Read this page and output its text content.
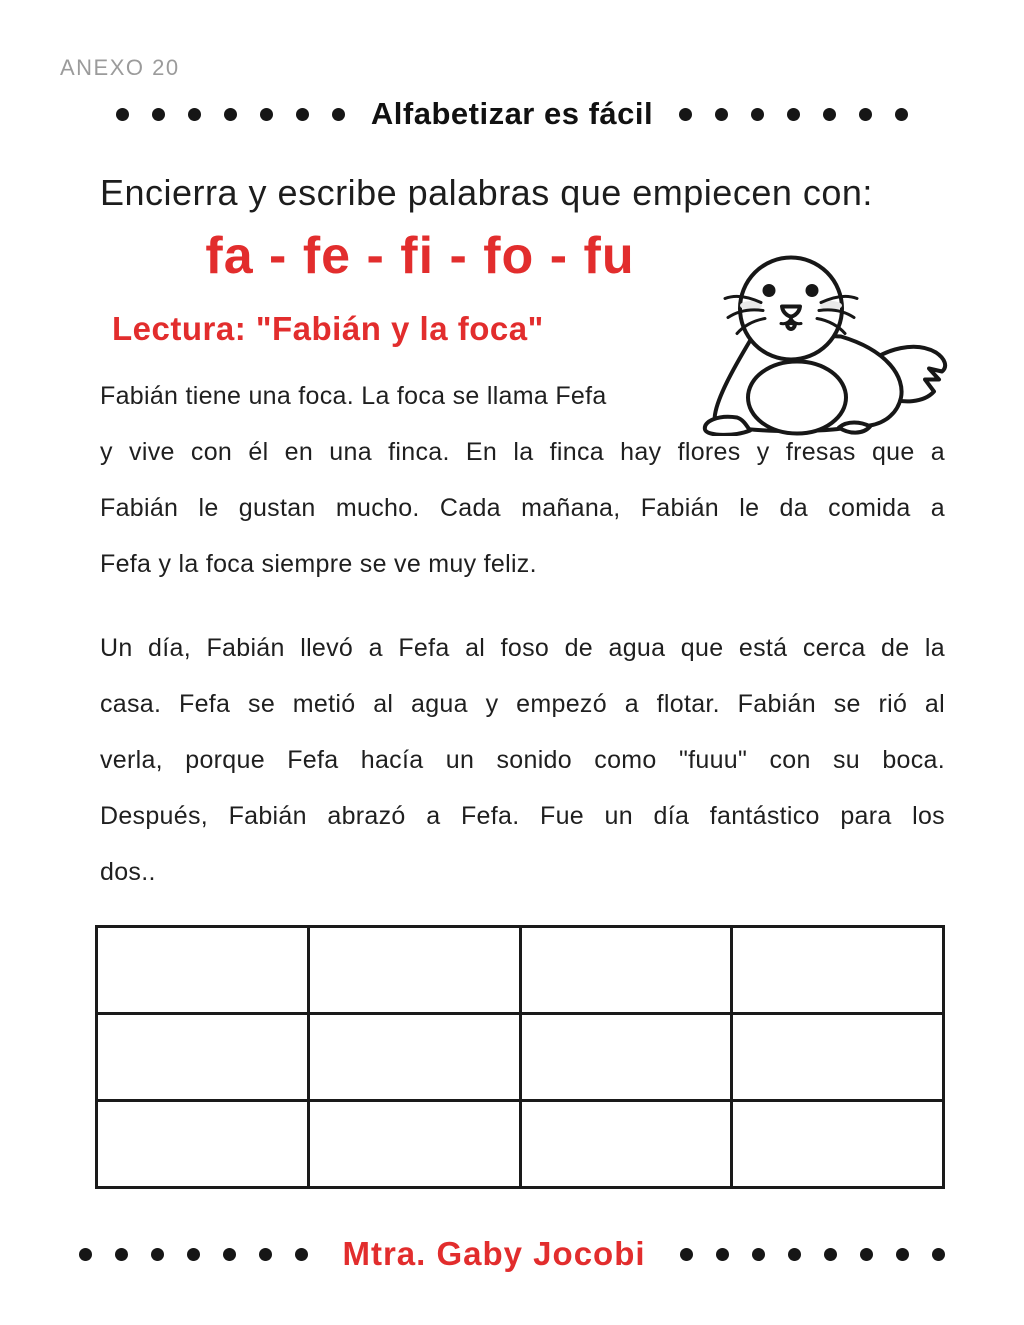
ANEXO 20
Alfabetizar es fácil
Encierra y escribe palabras que empiecen con:
fa - fe - fi - fo - fu
Lectura: "Fabián y la foca"
Fabián tiene una foca. La foca se llama Fefa
y vive con él en una finca. En la finca hay flores y fresas que a
Fabián le gustan mucho. Cada mañana, Fabián le da comida a
Fefa y la foca siempre se ve muy feliz.
Un día, Fabián llevó a Fefa al foso de agua que está cerca de la
casa. Fefa se metió al agua y empezó a flotar. Fabián se rió al
verla, porque Fefa hacía un sonido como "fuuu" con su boca.
Después, Fabián abrazó a Fefa. Fue un día fantástico para los
dos..

Mtra. Gaby Jocobi
